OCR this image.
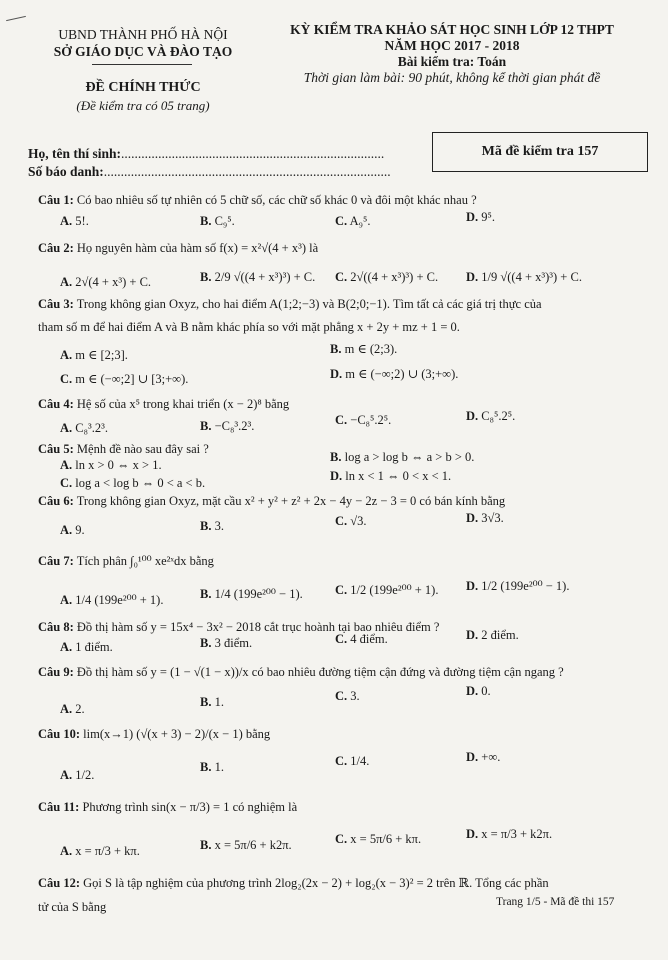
UBND THÀNH PHỐ HÀ NỘI
SỞ GIÁO DỤC VÀ ĐÀO TẠO
ĐỀ CHÍNH THỨC
(Đề kiểm tra có 05 trang)
KỲ KIỂM TRA KHẢO SÁT HỌC SINH LỚP 12 THPT
NĂM HỌC 2017 - 2018
Bài kiểm tra: Toán
Thời gian làm bài: 90 phút, không kể thời gian phát đề
Họ, tên thí sinh:..............................................................................
Số báo danh:.....................................................................................
Mã đề kiểm tra 157
Câu 1: Có bao nhiêu số tự nhiên có 5 chữ số, các chữ số khác 0 và đôi một khác nhau ?
A. 5!.	B. C₉⁵.	C. A₉⁵.	D. 9⁵.
Câu 2: Họ nguyên hàm của hàm số f(x) = x²√(4 + x³) là
A. 2√(4 + x³) + C.	B. 2/9 √((4 + x³)³) + C. C. 2√((4 + x³)³) + C. D. 1/9 √((4 + x³)³) + C.
Câu 3: Trong không gian Oxyz, cho hai điểm A(1;2;−3) và B(2;0;−1). Tìm tất cả các giá trị thực của
tham số m để hai điểm A và B nằm khác phía so với mặt phẳng x + 2y + mz + 1 = 0.
A. m ∈ [2;3].	B. m ∈ (2;3).
C. m ∈ (−∞;2] ∪ [3;+∞).	D. m ∈ (−∞;2) ∪ (3;+∞).
Câu 4: Hệ số của x⁵ trong khai triển (x − 2)⁸ bằng
A. C₈³.2³.	B. −C₈³.2³.	C. −C₈⁵.2⁵.	D. C₈⁵.2⁵.
Câu 5: Mệnh đề nào sau đây sai ?
A. ln x > 0 ⇔ x > 1.
B. log a > log b ⇔ a > b > 0.
C. log a < log b ⇔ 0 < a < b.	D. ln x < 1 ⇔ 0 < x < 1.
Câu 6: Trong không gian Oxyz, mặt cầu x² + y² + z² + 2x − 4y − 2z − 3 = 0 có bán kính bằng
A. 9.	B. 3.	C. √3.	D. 3√3.
Câu 7: Tích phân ∫₀¹⁰⁰ xe²ˣdx bằng
A. 1/4 (199e²⁰⁰ + 1).	B. 1/4 (199e²⁰⁰ − 1).	C. 1/2 (199e²⁰⁰ + 1). D. 1/2 (199e²⁰⁰ − 1).
Câu 8: Đồ thị hàm số y = 15x⁴ − 3x² − 2018 cắt trục hoành tại bao nhiêu điểm ?
A. 1 điểm.	B. 3 điểm.	C. 4 điểm.	D. 2 điểm.
Câu 9: Đồ thị hàm số y = (1 − √(1 − x))/x có bao nhiêu đường tiệm cận đứng và đường tiệm cận ngang ?
A. 2.	B. 1.	C. 3.	D. 0.
Câu 10: lim(x→1) (√(x + 3) − 2)/(x − 1) bằng
A. 1/2.
B. 1.	C. 1/4.	D. +∞.
Câu 11: Phương trình sin(x − π/3) = 1 có nghiệm là
A. x = π/3 + kπ.	B. x = 5π/6 + k2π.	C. x = 5π/6 + kπ.	D. x = π/3 + k2π.
Câu 12: Gọi S là tập nghiệm của phương trình 2log₂(2x − 2) + log₂(x − 3)² = 2 trên ℝ. Tổng các phần
tử của S bằng	Trang 1/5 - Mã đề thi 157
